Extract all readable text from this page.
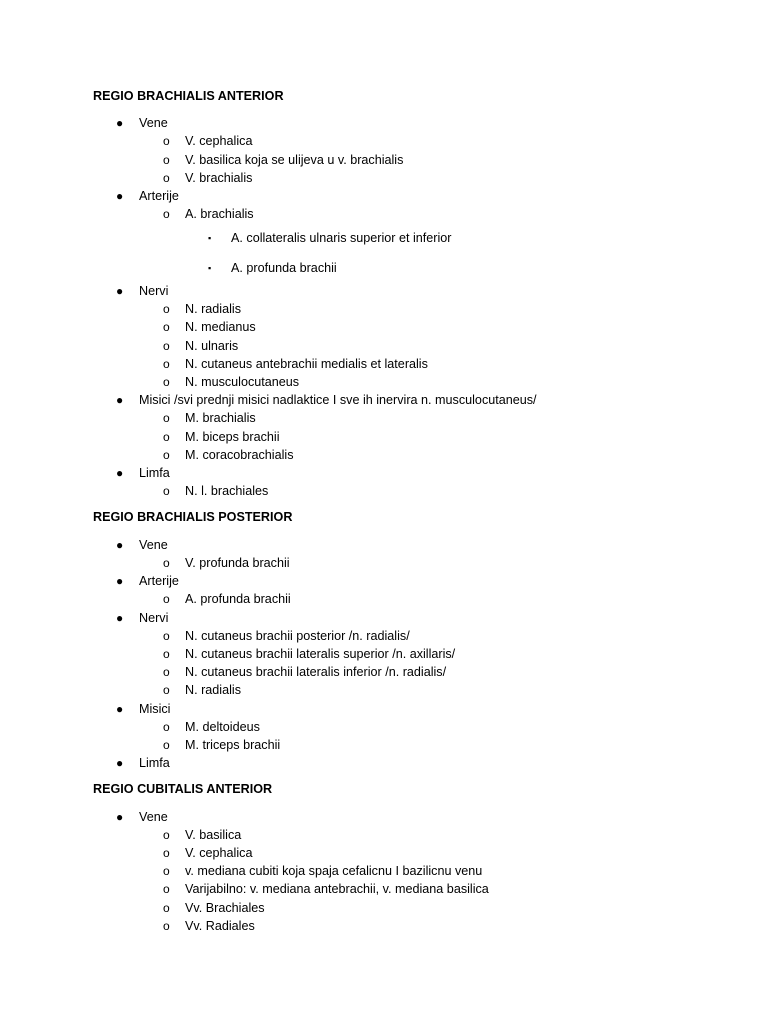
REGIO BRACHIALIS ANTERIOR
● Vene
o V. cephalica
o V. basilica koja se ulijeva u v. brachialis
o V. brachialis
● Arterije
o A. brachialis
▪ A. collateralis ulnaris superior et inferior
▪ A. profunda brachii
● Nervi
o N. radialis
o N. medianus
o N. ulnaris
o N. cutaneus antebrachii medialis et lateralis
o N. musculocutaneus
● Misici /svi prednji misici nadlaktice I sve ih inervira n. musculocutaneus/
o M. brachialis
o M. biceps brachii
o M. coracobrachialis
● Limfa
o N. l. brachiales
REGIO BRACHIALIS POSTERIOR
● Vene
o V. profunda brachii
● Arterije
o A. profunda brachii
● Nervi
o N. cutaneus brachii posterior /n. radialis/
o N. cutaneus brachii lateralis superior /n. axillaris/
o N. cutaneus brachii lateralis inferior /n. radialis/
o N. radialis
● Misici
o M. deltoideus
o M. triceps brachii
● Limfa
REGIO CUBITALIS ANTERIOR
● Vene
o V. basilica
o V. cephalica
o v. mediana cubiti koja spaja cefalicnu I bazilicnu venu
o Varijabilno: v. mediana antebrachii, v. mediana basilica
o Vv. Brachiales
o Vv. Radiales
